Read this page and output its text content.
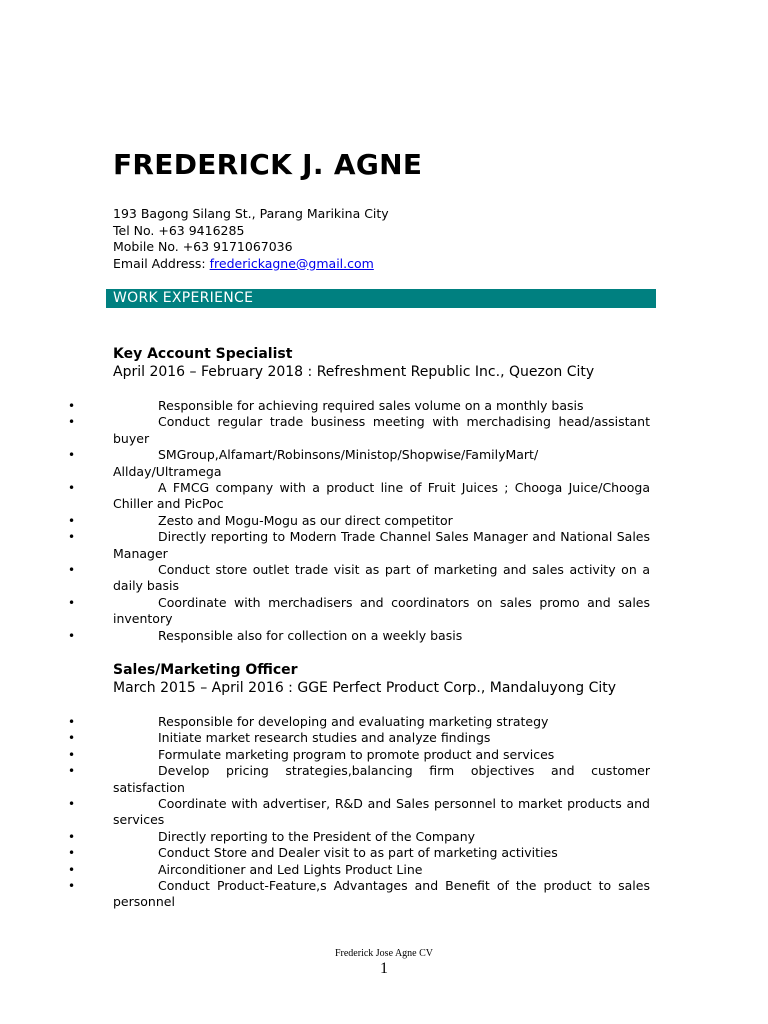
FREDERICK J. AGNE
193 Bagong Silang St., Parang Marikina City
Tel No. +63 9416285
Mobile No. +63 9171067036
Email Address: frederickagne@gmail.com
WORK EXPERIENCE
Key Account Specialist
April 2016 – February 2018 : Refreshment Republic Inc., Quezon City
•	Responsible for achieving required sales volume on a monthly basis
•	Conduct regular trade business meeting with merchadising head/assistant buyer
•	SMGroup,Alfamart/Robinsons/Ministop/Shopwise/FamilyMart/ Allday/Ultramega
•	A FMCG company with a product line of Fruit Juices ; Chooga Juice/Chooga Chiller and PicPoc
•	Zesto and Mogu-Mogu as our direct competitor
•	Directly reporting to Modern Trade Channel Sales Manager and National Sales Manager
•	Conduct store outlet trade visit as part of marketing and sales activity on a daily basis
•	Coordinate with merchadisers and coordinators on sales promo and sales inventory
•	Responsible also for collection on a weekly basis
Sales/Marketing Officer
March 2015 – April 2016 : GGE Perfect Product Corp., Mandaluyong City
•	Responsible for developing and evaluating marketing strategy
•	Initiate market research studies and analyze findings
•	Formulate marketing program to promote product and services
•	Develop pricing strategies,balancing firm objectives and customer satisfaction
•	Coordinate with advertiser, R&D and Sales personnel to market products and services
•	Directly reporting to the President of the Company
•	Conduct Store and Dealer visit to as part of marketing activities
•	Airconditioner and Led Lights Product Line
•	Conduct Product-Feature,s Advantages and Benefit of the product to sales personnel
Frederick Jose Agne CV
1
